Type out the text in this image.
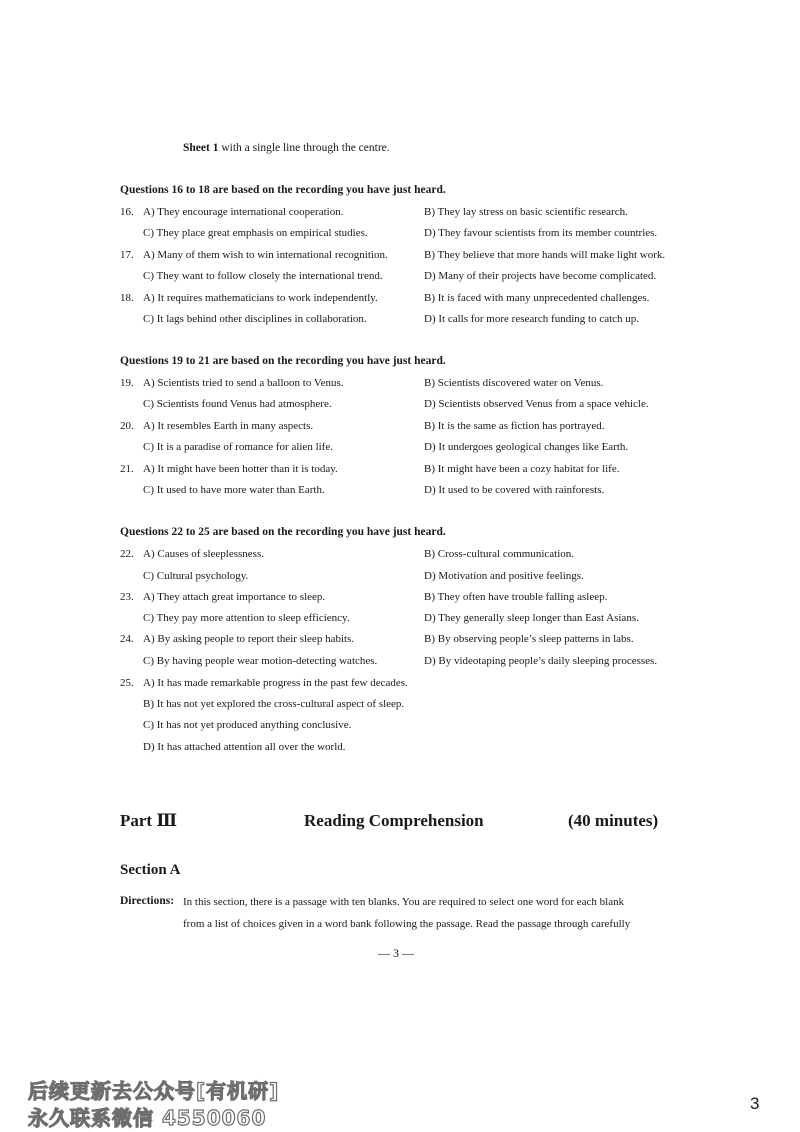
Sheet 1 with a single line through the centre.
Questions 16 to 18 are based on the recording you have just heard.
16. A) They encourage international cooperation.	B) They lay stress on basic scientific research.
C) They place great emphasis on empirical studies.	D) They favour scientists from its member countries.
17. A) Many of them wish to win international recognition.	B) They believe that more hands will make light work.
C) They want to follow closely the international trend.	D) Many of their projects have become complicated.
18. A) It requires mathematicians to work independently.	B) It is faced with many unprecedented challenges.
C) It lags behind other disciplines in collaboration.	D) It calls for more research funding to catch up.
Questions 19 to 21 are based on the recording you have just heard.
19. A) Scientists tried to send a balloon to Venus.	B) Scientists discovered water on Venus.
C) Scientists found Venus had atmosphere.	D) Scientists observed Venus from a space vehicle.
20. A) It resembles Earth in many aspects.	B) It is the same as fiction has portrayed.
C) It is a paradise of romance for alien life.	D) It undergoes geological changes like Earth.
21. A) It might have been hotter than it is today.	B) It might have been a cozy habitat for life.
C) It used to have more water than Earth.	D) It used to be covered with rainforests.
Questions 22 to 25 are based on the recording you have just heard.
22. A) Causes of sleeplessness.	B) Cross-cultural communication.
C) Cultural psychology.	D) Motivation and positive feelings.
23. A) They attach great importance to sleep.	B) They often have trouble falling asleep.
C) They pay more attention to sleep efficiency.	D) They generally sleep longer than East Asians.
24. A) By asking people to report their sleep habits.	B) By observing people’s sleep patterns in labs.
C) By having people wear motion-detecting watches.	D) By videotaping people’s daily sleeping processes.
25. A) It has made remarkable progress in the past few decades.
B) It has not yet explored the cross-cultural aspect of sleep.
C) It has not yet produced anything conclusive.
D) It has attached attention all over the world.
Part Ⅲ	Reading Comprehension	(40 minutes)
Section A
Directions: In this section, there is a passage with ten blanks. You are required to select one word for each blank
from a list of choices given in a word bank following the passage. Read the passage through carefully
— 3 —
后续更新去公众号[有机研]
永久联系微信 4550060
3
